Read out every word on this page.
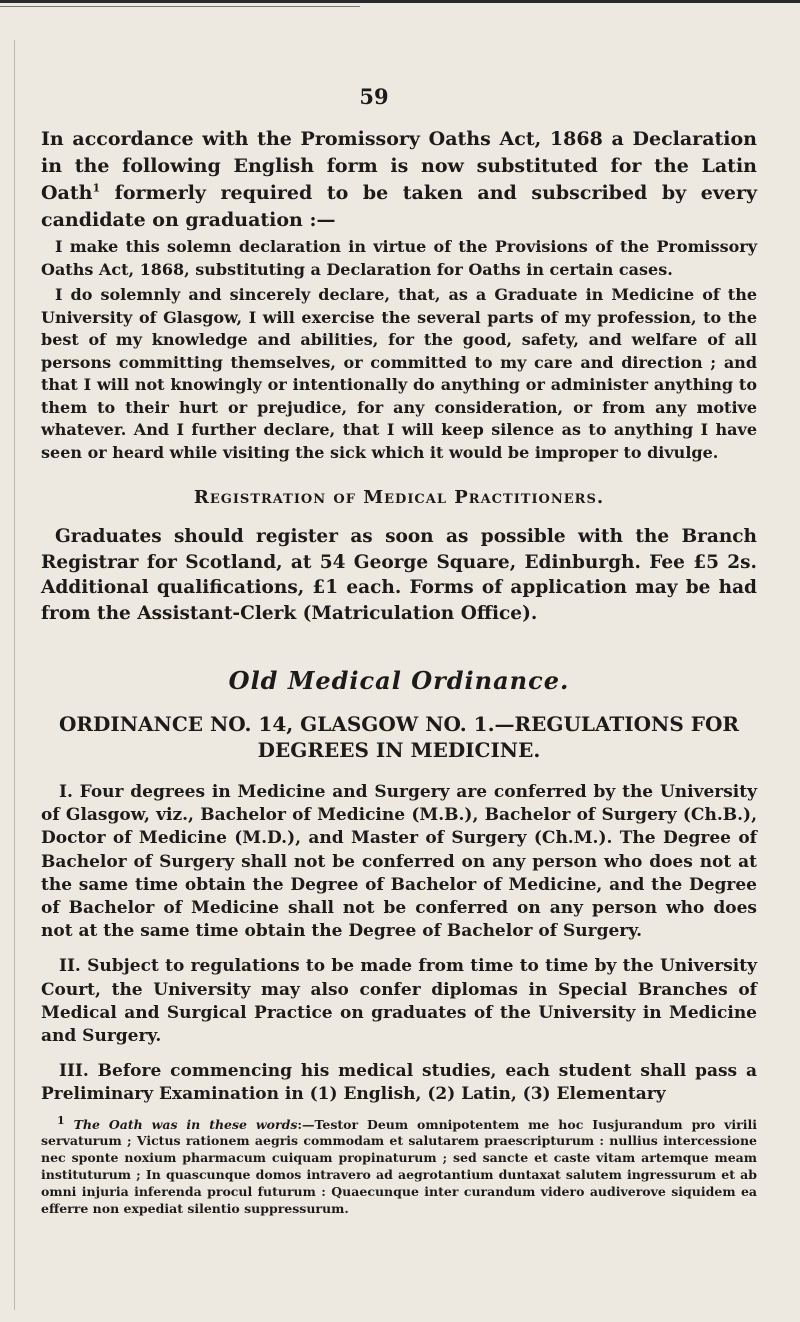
59

In accordance with the Promissory Oaths Act, 1868 a Declaration in the following English form is now substituted for the Latin Oath$^1$ formerly required to be taken and subscribed by every candidate on graduation :—

I make this solemn declaration in virtue of the Provisions of the Promissory Oaths Act, 1868, substituting a Declaration for Oaths in certain cases.

I do solemnly and sincerely declare, that, as a Graduate in Medicine of the University of Glasgow, I will exercise the several parts of my profession, to the best of my knowledge and abilities, for the good, safety, and welfare of all persons committing themselves, or committed to my care and direction ; and that I will not knowingly or intentionally do anything or administer anything to them to their hurt or prejudice, for any consideration, or from any motive whatever. And I further declare, that I will keep silence as to anything I have seen or heard while visiting the sick which it would be improper to divulge.

Registration of Medical Practitioners.

Graduates should register as soon as possible with the Branch Registrar for Scotland, at 54 George Square, Edinburgh. Fee £5 2s. Additional qualifications, £1 each. Forms of application may be had from the Assistant-Clerk (Matriculation Office).

Old Medical Ordinance.
ORDINANCE NO. 14, GLASGOW NO. 1.—REGULATIONS FOR DEGREES IN MEDICINE.

I. Four degrees in Medicine and Surgery are conferred by the University of Glasgow, viz., Bachelor of Medicine (M.B.), Bachelor of Surgery (Ch.B.), Doctor of Medicine (M.D.), and Master of Surgery (Ch.M.). The Degree of Bachelor of Surgery shall not be conferred on any person who does not at the same time obtain the Degree of Bachelor of Medicine, and the Degree of Bachelor of Medicine shall not be conferred on any person who does not at the same time obtain the Degree of Bachelor of Surgery.

II. Subject to regulations to be made from time to time by the University Court, the University may also confer diplomas in Special Branches of Medical and Surgical Practice on graduates of the University in Medicine and Surgery.

III. Before commencing his medical studies, each student shall pass a Preliminary Examination in (1) English, (2) Latin, (3) Elementary

$^1$ The Oath was in these words:—Testor Deum omnipotentem me hoc Iusjurandum pro virili servaturum ; Victus rationem aegris commodam et salutarem praescripturum : nullius intercessione nec sponte noxium pharmacum cuiquam propinaturum ; sed sancte et caste vitam artemque meam instituturum ; In quascunque domos intravero ad aegrotantium duntaxat salutem ingressurum et ab omni injuria inferenda procul futurum : Quaecunque inter curandum videro audiverove siquidem ea efferre non expediat silentio suppressurum.
